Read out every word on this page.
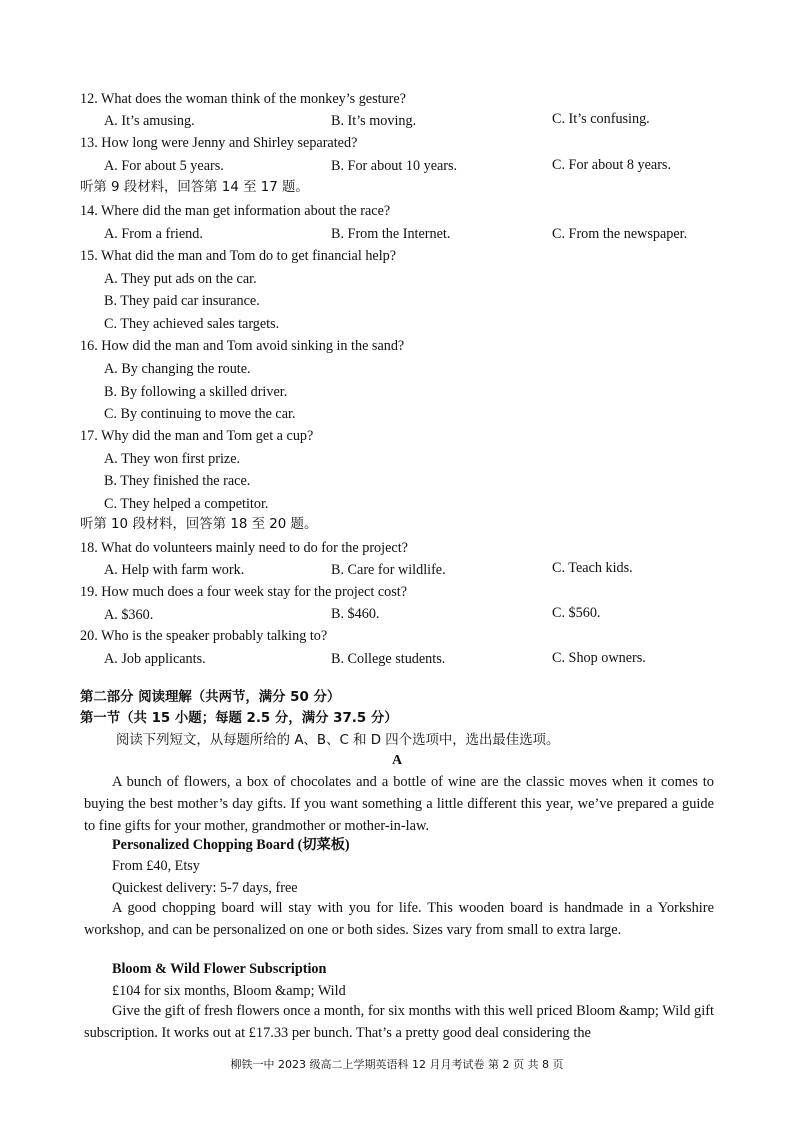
12. What does the woman think of the monkey’s gesture?
A. It’s amusing.	B. It’s moving.	C. It’s confusing.
13. How long were Jenny and Shirley separated?
A. For about 5 years.	B. For about 10 years.	C. For about 8 years.
听第 9 段材料，回答第 14 至 17 题。
14. Where did the man get information about the race?
A. From a friend.	B. From the Internet.	C. From the newspaper.
15. What did the man and Tom do to get financial help?
A. They put ads on the car.
B. They paid car insurance.
C. They achieved sales targets.
16. How did the man and Tom avoid sinking in the sand?
A. By changing the route.
B. By following a skilled driver.
C. By continuing to move the car.
17. Why did the man and Tom get a cup?
A. They won first prize.
B. They finished the race.
C. They helped a competitor.
听第 10 段材料，回答第 18 至 20 题。
18. What do volunteers mainly need to do for the project?
A. Help with farm work.	B. Care for wildlife.	C. Teach kids.
19. How much does a four week stay for the project cost?
A. $360.	B. $460.	C. $560.
20. Who is the speaker probably talking to?
A. Job applicants.	B. College students.	C. Shop owners.
第二部分 阅读理解（共两节，满分 50 分）
第一节（共 15 小题；每题 2.5 分，满分 37.5 分）
阅读下列短文，从每题所给的 A、B、C 和 D 四个选项中，选出最佳选项。
A
A bunch of flowers, a box of chocolates and a bottle of wine are the classic moves when it comes to buying the best mother’s day gifts. If you want something a little different this year, we’ve prepared a guide to fine gifts for your mother, grandmother or mother-in-law.
Personalized Chopping Board (切菜板)
From £40, Etsy
Quickest delivery: 5-7 days, free
A good chopping board will stay with you for life. This wooden board is handmade in a Yorkshire workshop, and can be personalized on one or both sides. Sizes vary from small to extra large.
Bloom & Wild Flower Subscription
£104 for six months, Bloom &amp; Wild
Give the gift of fresh flowers once a month, for six months with this well priced Bloom &amp; Wild gift subscription. It works out at £17.33 per bunch. That’s a pretty good deal considering the
柳铁一中 2023 级高二上学期英语科 12 月月考试卷 第 2 页 共 8 页
